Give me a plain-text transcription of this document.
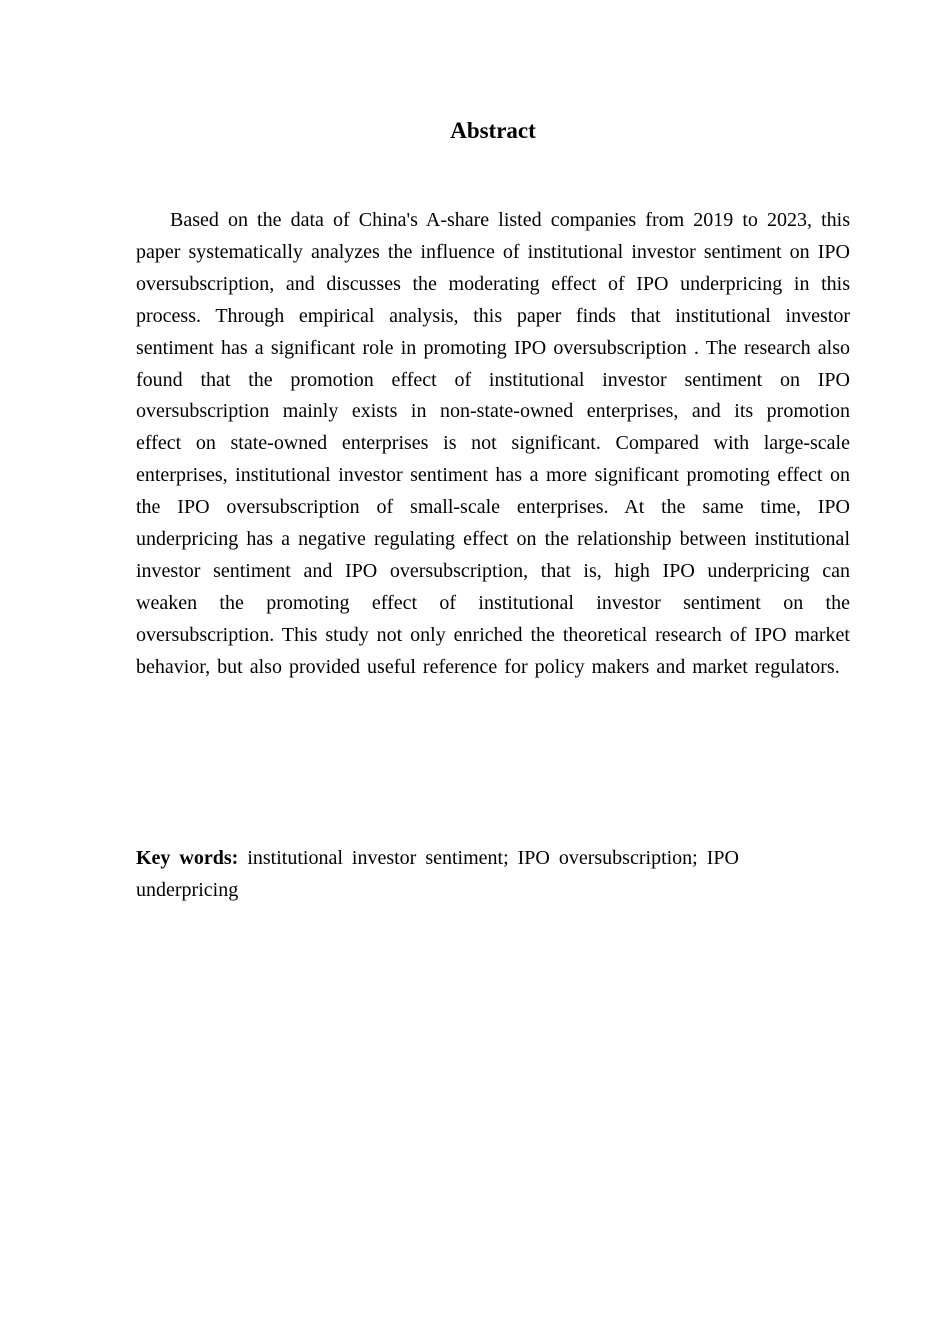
Abstract

Based on the data of China's A-share listed companies from 2019 to 2023, this paper systematically analyzes the influence of institutional investor sentiment on IPO oversubscription, and discusses the moderating effect of IPO underpricing in this process. Through empirical analysis, this paper finds that institutional investor sentiment has a significant role in promoting IPO oversubscription . The research also found that the promotion effect of institutional investor sentiment on IPO oversubscription mainly exists in non-state-owned enterprises, and its promotion effect on state-owned enterprises is not significant. Compared with large-scale enterprises, institutional investor sentiment has a more significant promoting effect on the IPO oversubscription of small-scale enterprises. At the same time, IPO underpricing has a negative regulating effect on the relationship between institutional investor sentiment and IPO oversubscription, that is, high IPO underpricing can weaken the promoting effect of institutional investor sentiment on the oversubscription. This study not only enriched the theoretical research of IPO market behavior, but also provided useful reference for policy makers and market regulators.

Key words: institutional investor sentiment; IPO oversubscription; IPO underpricing
